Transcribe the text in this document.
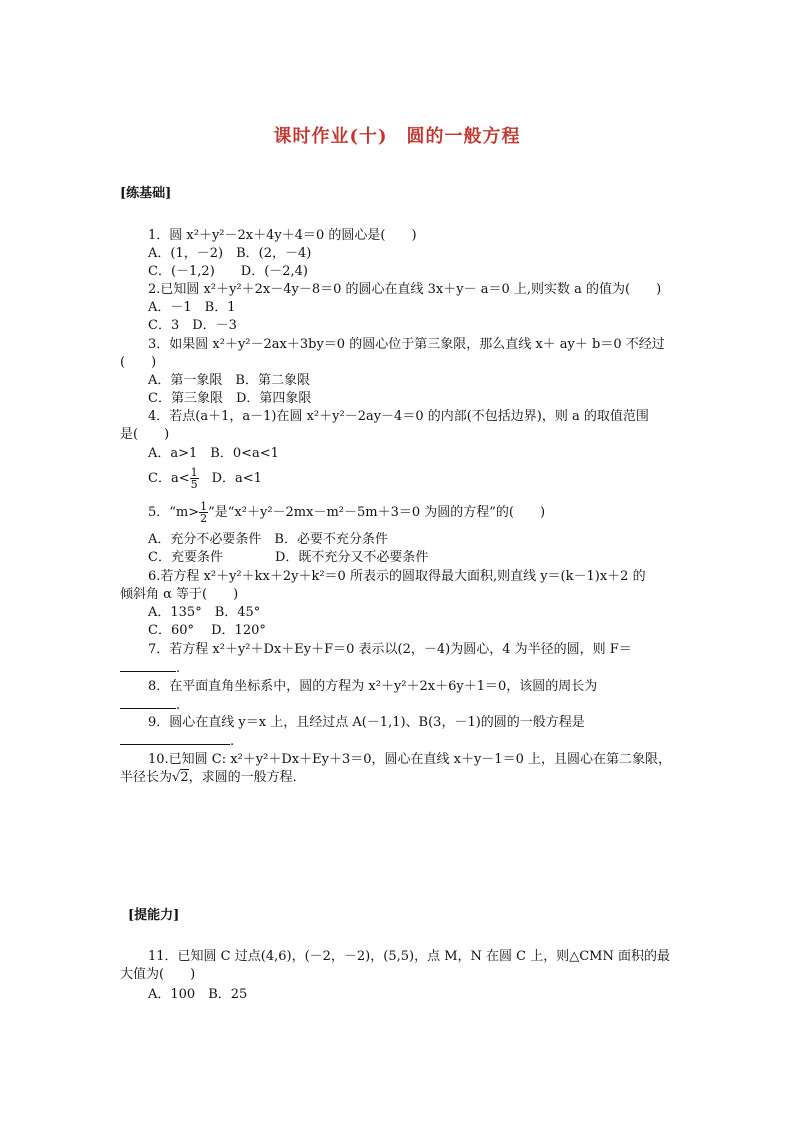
课时作业(十)　圆的一般方程
[练基础]
1．圆 x²＋y²－2x＋4y＋4＝0 的圆心是(　　)
A．(1，－2)　B．(2，－4)
C．(－1,2)　　D．(－2,4)
2.已知圆 x²＋y²＋2x－4y－8＝0 的圆心在直线 3x＋y－ a＝0 上,则实数 a 的值为(　　)
A．－1　B．1
C．3　D．－3
3．如果圆 x²＋y²－2ax＋3by＝0 的圆心位于第三象限，那么直线 x＋ ay＋ b＝0 不经过
(　　)
A．第一象限　B．第二象限
C．第三象限　D．第四象限
4．若点(a＋1，a－1)在圆 x²＋y²－2ay－4＝0 的内部(不包括边界)，则 a 的取值范围
是(　　)
A．a>1　B．0<a<1
C．$a< \frac{1}{5}$ 　D．a<1
5．“$m> \frac{1}{2}$ ”是“x²＋y²－2mx－m²－5m＋3＝0 为圆的方程”的(　　)
A．充分不必要条件　B．必要不充分条件
C．充要条件　　　　D．既不充分又不必要条件
6.若方程 x²＋y²＋kx＋2y＋k²＝0 所表示的圆取得最大面积,则直线 y＝(k－1)x＋2 的
倾斜角 α 等于(　　)
A．135°　B．45°
C．60°　 D．120°
7．若方程 x²＋y²＋Dx＋Ey＋F＝0 表示以(2，－4)为圆心，4 为半径的圆，则 F＝
.
8．在平面直角坐标系中，圆的方程为 x²＋y²＋2x＋6y＋1＝0，该圆的周长为
.
9．圆心在直线 y＝x 上，且经过点 A(－1,1)、B(3，－1)的圆的一般方程是
.
10.已知圆 C: x²＋y²＋Dx＋Ey＋3＝0，圆心在直线 x＋y－1＝0 上，且圆心在第二象限，
半径长为√2，求圆的一般方程．
[提能力]
11．已知圆 C 过点(4,6)，(－2，－2)，(5,5)，点 M，N 在圆 C 上，则△CMN 面积的最
大值为(　　)
A．100　B．25
